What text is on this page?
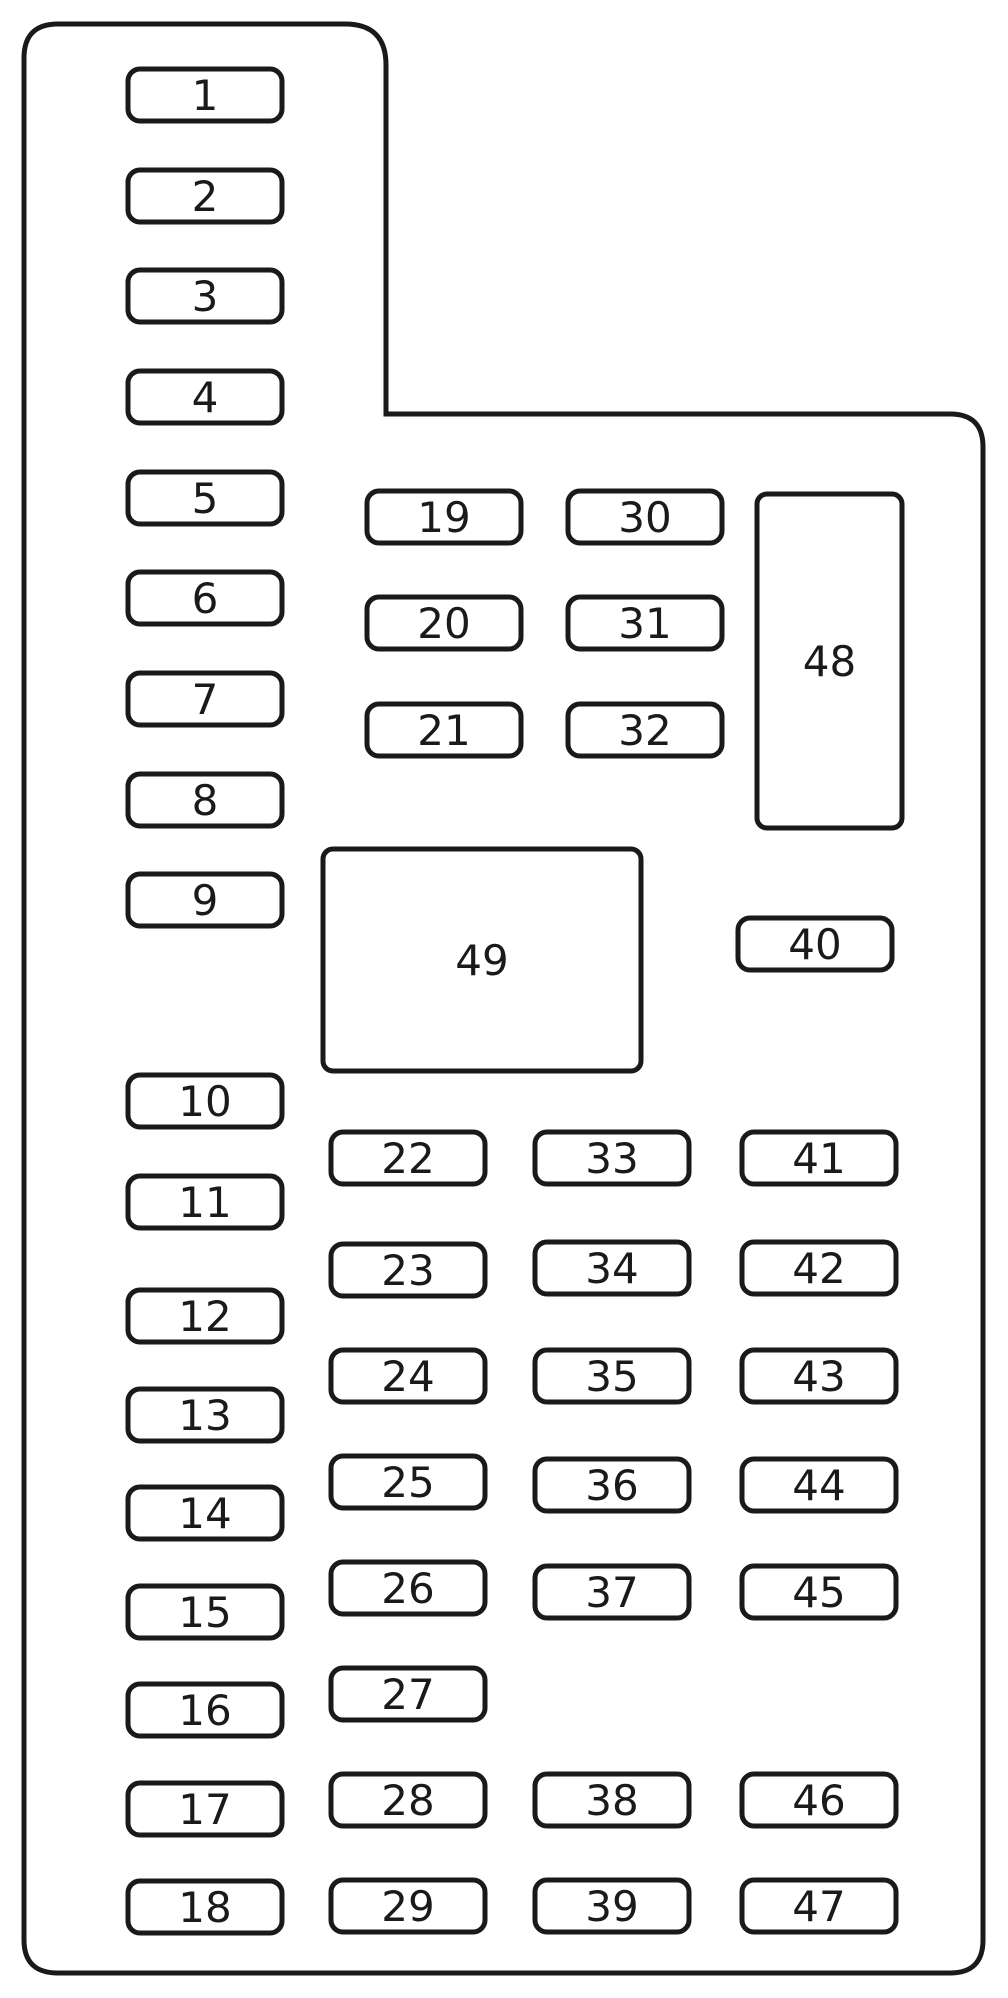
1
2
3
4
5
6
7
8
9
10
11
12
13
14
15
16
17
18
19
20
21
22
23
24
25
26
27
28
29
30
31
32
33
34
35
36
37
38
39
40
41
42
43
44
45
46
47
48
49
